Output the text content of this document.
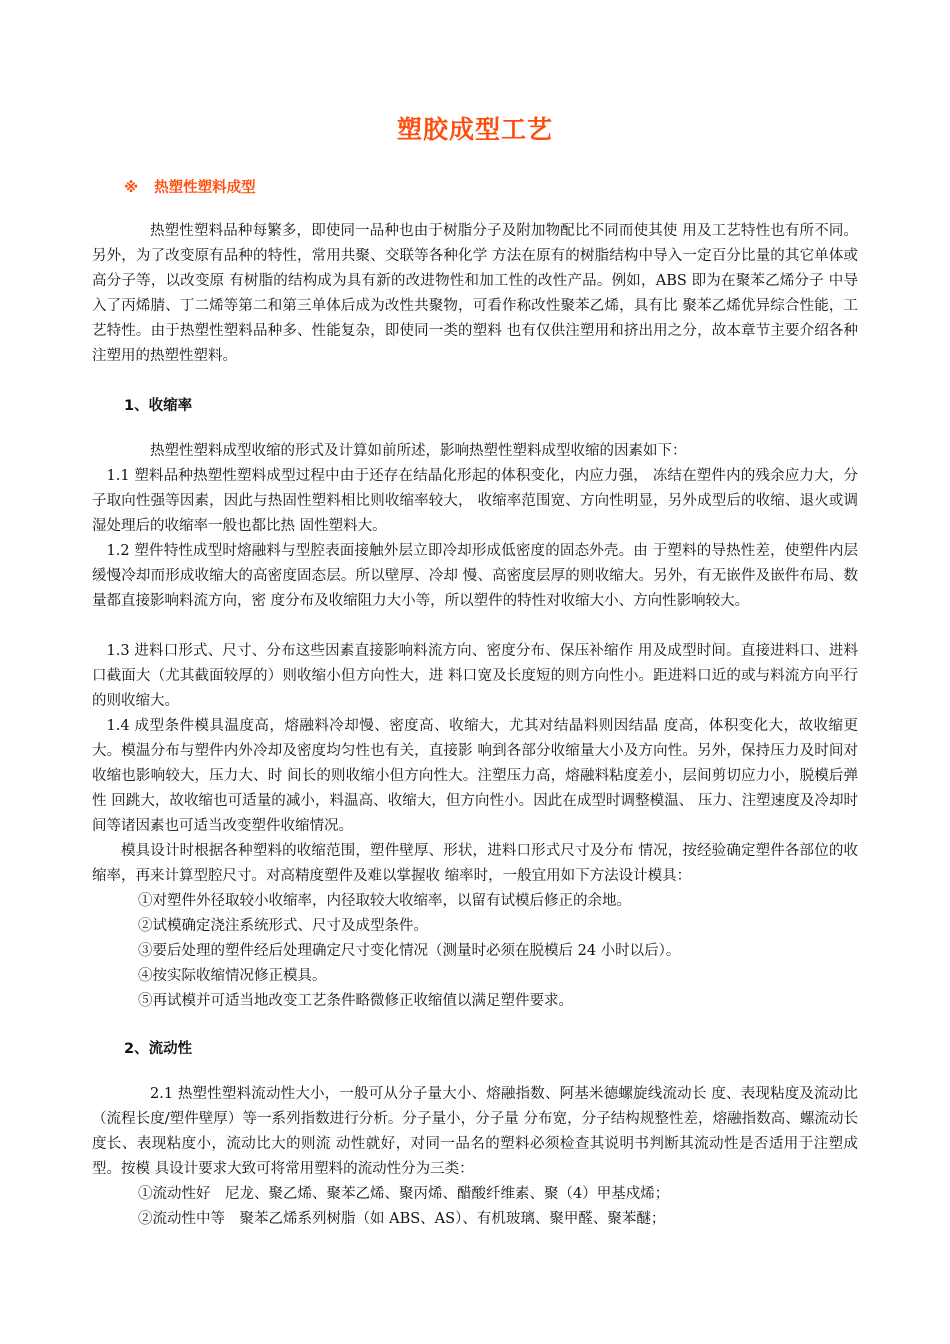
塑胶成型工艺
※ 热塑性塑料成型

热塑性塑料品种每繁多，即使同一品种也由于树脂分子及附加物配比不同而使其使 用及工艺特性也有所不同。另外，为了改变原有品种的特性，常用共聚、交联等各种化学 方法在原有的树脂结构中导入一定百分比量的其它单体或高分子等，以改变原 有树脂的结构成为具有新的改进物性和加工性的改性产品。例如，ABS 即为在聚苯乙烯分子 中导入了丙烯腈、丁二烯等第二和第三单体后成为改性共聚物，可看作称改性聚苯乙烯，具有比 聚苯乙烯优异综合性能，工艺特性。由于热塑性塑料品种多、性能复杂，即使同一类的塑料 也有仅供注塑用和挤出用之分，故本章节主要介绍各种注塑用的热塑性塑料。

1、收缩率

热塑性塑料成型收缩的形式及计算如前所述，影响热塑性塑料成型收缩的因素如下：

1.1 塑料品种热塑性塑料成型过程中由于还存在结晶化形起的体积变化，内应力强， 冻结在塑件内的残余应力大，分子取向性强等因素，因此与热固性塑料相比则收缩率较大， 收缩率范围宽、方向性明显，另外成型后的收缩、退火或调湿处理后的收缩率一般也都比热 固性塑料大。

1.2 塑件特性成型时熔融料与型腔表面接触外层立即冷却形成低密度的固态外壳。由 于塑料的导热性差，使塑件内层缓慢冷却而形成收缩大的高密度固态层。所以壁厚、冷却 慢、高密度层厚的则收缩大。另外，有无嵌件及嵌件布局、数量都直接影响料流方向，密 度分布及收缩阻力大小等，所以塑件的特性对收缩大小、方向性影响较大。

1.3 进料口形式、尺寸、分布这些因素直接影响料流方向、密度分布、保压补缩作 用及成型时间。直接进料口、进料口截面大（尤其截面较厚的）则收缩小但方向性大，进 料口宽及长度短的则方向性小。距进料口近的或与料流方向平行的则收缩大。

1.4 成型条件模具温度高，熔融料冷却慢、密度高、收缩大，尤其对结晶料则因结晶 度高，体积变化大，故收缩更大。模温分布与塑件内外冷却及密度均匀性也有关，直接影 响到各部分收缩量大小及方向性。另外，保持压力及时间对收缩也影响较大，压力大、时 间长的则收缩小但方向性大。注塑压力高，熔融料粘度差小，层间剪切应力小，脱模后弹性 回跳大，故收缩也可适量的减小，料温高、收缩大，但方向性小。因此在成型时调整模温、 压力、注塑速度及冷却时间等诸因素也可适当改变塑件收缩情况。

模具设计时根据各种塑料的收缩范围，塑件壁厚、形状，进料口形式尺寸及分布 情况，按经验确定塑件各部位的收缩率，再来计算型腔尺寸。对高精度塑件及难以掌握收 缩率时，一般宜用如下方法设计模具：

①对塑件外径取较小收缩率，内径取较大收缩率，以留有试模后修正的余地。
②试模确定浇注系统形式、尺寸及成型条件。
③要后处理的塑件经后处理确定尺寸变化情况（测量时必须在脱模后 24 小时以后）。
④按实际收缩情况修正模具。
⑤再试模并可适当地改变工艺条件略微修正收缩值以满足塑件要求。
2、流动性

2.1 热塑性塑料流动性大小，一般可从分子量大小、熔融指数、阿基米德螺旋线流动长 度、表现粘度及流动比（流程长度/塑件壁厚）等一系列指数进行分析。分子量小，分子量 分布宽，分子结构规整性差，熔融指数高、螺流动长度长、表现粘度小，流动比大的则流 动性就好，对同一品名的塑料必须检查其说明书判断其流动性是否适用于注塑成型。按模 具设计要求大致可将常用塑料的流动性分为三类：

①流动性好　尼龙、聚乙烯、聚苯乙烯、聚丙烯、醋酸纤维素、聚（4）甲基戍烯；
②流动性中等　聚苯乙烯系列树脂（如 ABS、AS）、有机玻璃、聚甲醛、聚苯醚；
